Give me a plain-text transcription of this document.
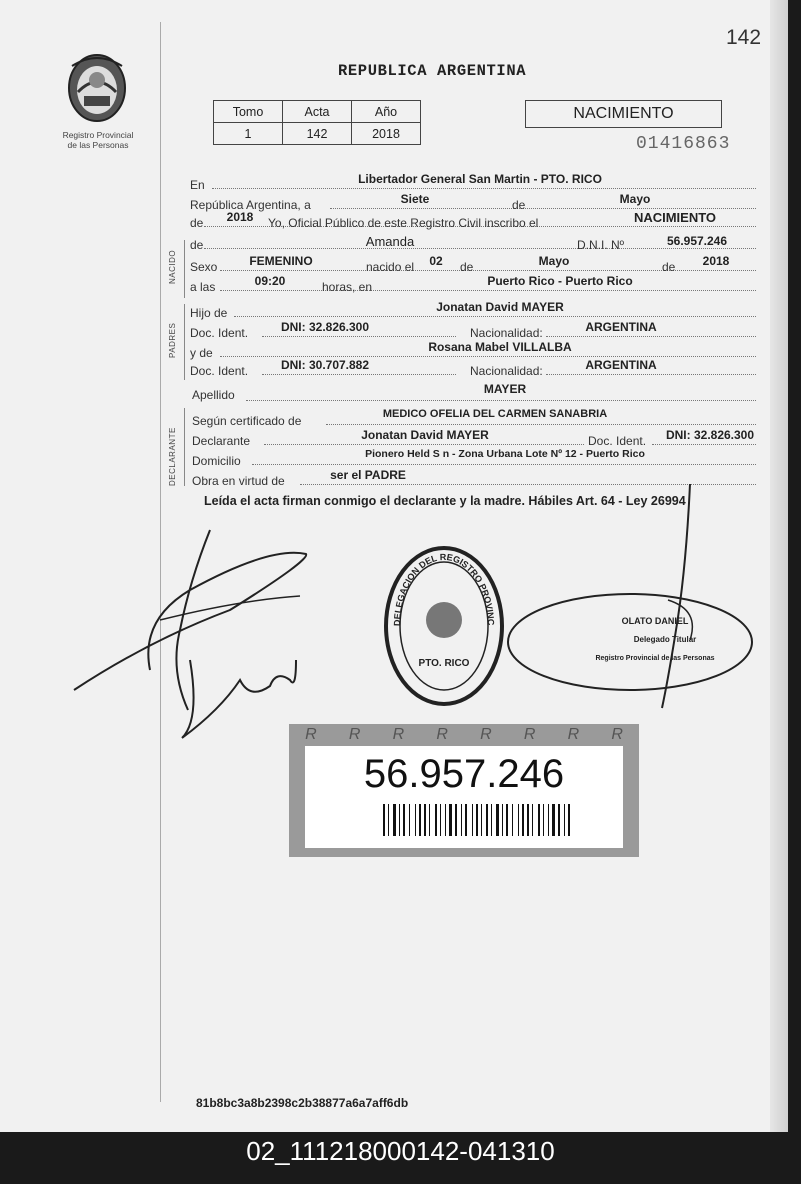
142
Registro Provincial
de las Personas
REPUBLICA ARGENTINA
Tomo	Acta	Año
1	142	2018
NACIMIENTO
01416863
En	Libertador General San Martin - PTO. RICO
República Argentina, a	Siete	de	Mayo
de	2018	Yo, Oficial Público de este Registro Civil inscribo el	NACIMIENTO
de	Amanda	D.N.I. Nº	56.957.246
Sexo	FEMENINO	nacido el 02 de	Mayo	de	2018
a las	09:20	horas, en	Puerto Rico - Puerto Rico
Hijo de	Jonatan David MAYER
Doc. Ident.	DNI: 32.826.300	Nacionalidad:	ARGENTINA
y de	Rosana Mabel VILLALBA
Doc. Ident.	DNI: 30.707.882	Nacionalidad:	ARGENTINA
Apellido	MAYER
Según certificado de	MEDICO OFELIA DEL CARMEN SANABRIA
Declarante	Jonatan David MAYER	Doc. Ident.	DNI: 32.826.300
Domicilio	Pionero Held S n - Zona Urbana Lote Nº 12 - Puerto Rico
Obra en virtud de	ser el PADRE
NACIDO
PADRES
DECLARANTE
Leída el acta firman conmigo el declarante y la madre. Hábiles Art. 64 - Ley 26994
DELEGACION DEL REGISTRO PROVINC
PTO. RICO
OLATO DANIEL
Delegado Titular
Registro Provincial de las Personas
R R R R R R R R
56.957.246
81b8bc3a8b2398c2b38877a6a7aff6db
02_111218000142-041310
